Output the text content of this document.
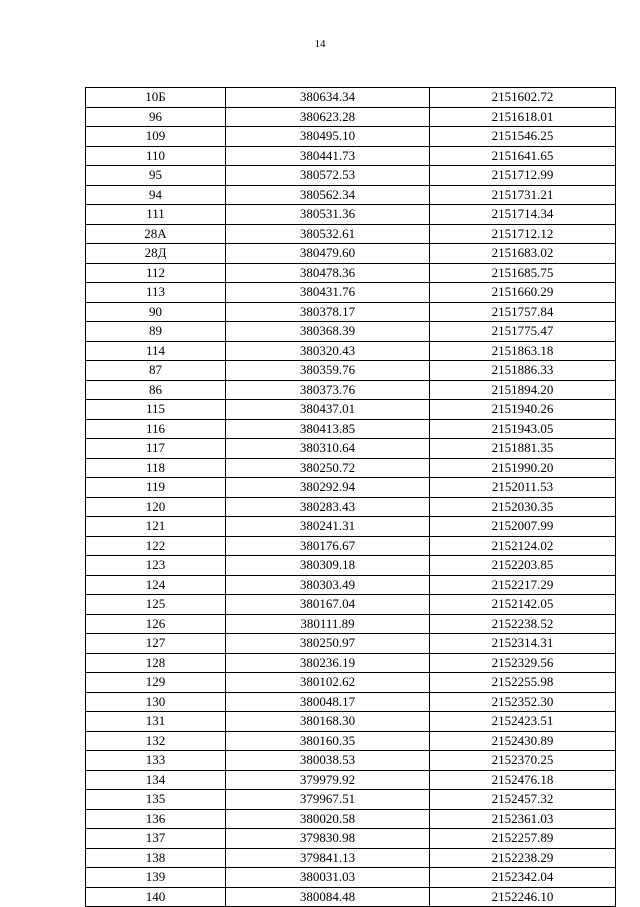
14
10Б	380634.34	2151602.72
96	380623.28	2151618.01
109	380495.10	2151546.25
110	380441.73	2151641.65
95	380572.53	2151712.99
94	380562.34	2151731.21
111	380531.36	2151714.34
28А	380532.61	2151712.12
28Д	380479.60	2151683.02
112	380478.36	2151685.75
113	380431.76	2151660.29
90	380378.17	2151757.84
89	380368.39	2151775.47
114	380320.43	2151863.18
87	380359.76	2151886.33
86	380373.76	2151894.20
115	380437.01	2151940.26
116	380413.85	2151943.05
117	380310.64	2151881.35
118	380250.72	2151990.20
119	380292.94	2152011.53
120	380283.43	2152030.35
121	380241.31	2152007.99
122	380176.67	2152124.02
123	380309.18	2152203.85
124	380303.49	2152217.29
125	380167.04	2152142.05
126	380111.89	2152238.52
127	380250.97	2152314.31
128	380236.19	2152329.56
129	380102.62	2152255.98
130	380048.17	2152352.30
131	380168.30	2152423.51
132	380160.35	2152430.89
133	380038.53	2152370.25
134	379979.92	2152476.18
135	379967.51	2152457.32
136	380020.58	2152361.03
137	379830.98	2152257.89
138	379841.13	2152238.29
139	380031.03	2152342.04
140	380084.48	2152246.10
